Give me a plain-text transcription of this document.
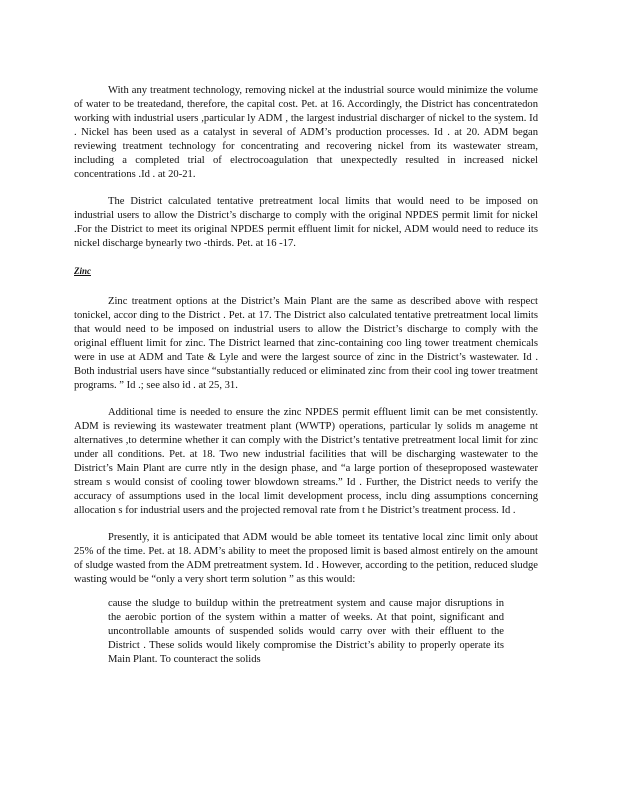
With any treatment technology, removing nickel at the industrial source would minimize the volume of water to be treatedand, therefore, the capital cost. Pet. at 16. Accordingly, the District has concentratedon working with industrial users ,particular ly ADM , the largest industrial discharger of nickel to the system. Id . Nickel has been used as a catalyst in several of ADM’s production processes. Id . at 20. ADM began reviewing treatment technology for concentrating and recovering nickel from its wastewater stream, including a completed trial of electrocoagulation that unexpectedly resulted in increased nickel concentrations .Id . at 20-21.

The District calculated tentative pretreatment local limits that would need to be imposed on industrial users to allow the District’s discharge to comply with the original NPDES permit limit for nickel .For the District to meet its original NPDES permit effluent limit for nickel, ADM would need to reduce its nickel discharge bynearly two -thirds. Pet. at 16 -17.

Zinc

Zinc treatment options at the District’s Main Plant are the same as described above with respect tonickel, accor ding to the District . Pet. at 17. The District also calculated tentative pretreatment local limits that would need to be imposed on industrial users to allow the District’s discharge to comply with the original effluent limit for zinc. The District learned that zinc-containing coo ling tower treatment chemicals were in use at ADM and Tate & Lyle and were the largest source of zinc in the District’s wastewater. Id . Both industrial users have since “substantially reduced or eliminated zinc from their cool ing tower treatment programs. ” Id .; see also id . at 25, 31.

Additional time is needed to ensure the zinc NPDES permit effluent limit can be met consistently. ADM is reviewing its wastewater treatment plant (WWTP) operations, particular ly solids m anageme nt alternatives ,to determine whether it can comply with the District’s tentative pretreatment local limit for zinc under all conditions. Pet. at 18. Two new industrial facilities that will be discharging wastewater to the District’s Main Plant are curre ntly in the design phase, and “a large portion of theseproposed wastewater stream s would consist of cooling tower blowdown streams.” Id . Further, the District needs to verify the accuracy of assumptions used in the local limit development process, inclu ding assumptions concerning allocation s for industrial users and the projected removal rate from t he District’s treatment process. Id .

Presently, it is anticipated that ADM would be able tomeet its tentative local zinc limit only about 25% of the time. Pet. at 18. ADM’s ability to meet the proposed limit is based almost entirely on the amount of sludge wasted from the ADM pretreatment system. Id . However, according to the petition, reduced sludge wasting would be “only a very short term solution ” as this would:

cause the sludge to buildup within the pretreatment system and cause major disruptions in the aerobic portion of the system within a matter of weeks. At that point, significant and uncontrollable amounts of suspended solids would carry over with their effluent to the District . These solids would likely compromise the District’s ability to properly operate its Main Plant. To counteract the solids
